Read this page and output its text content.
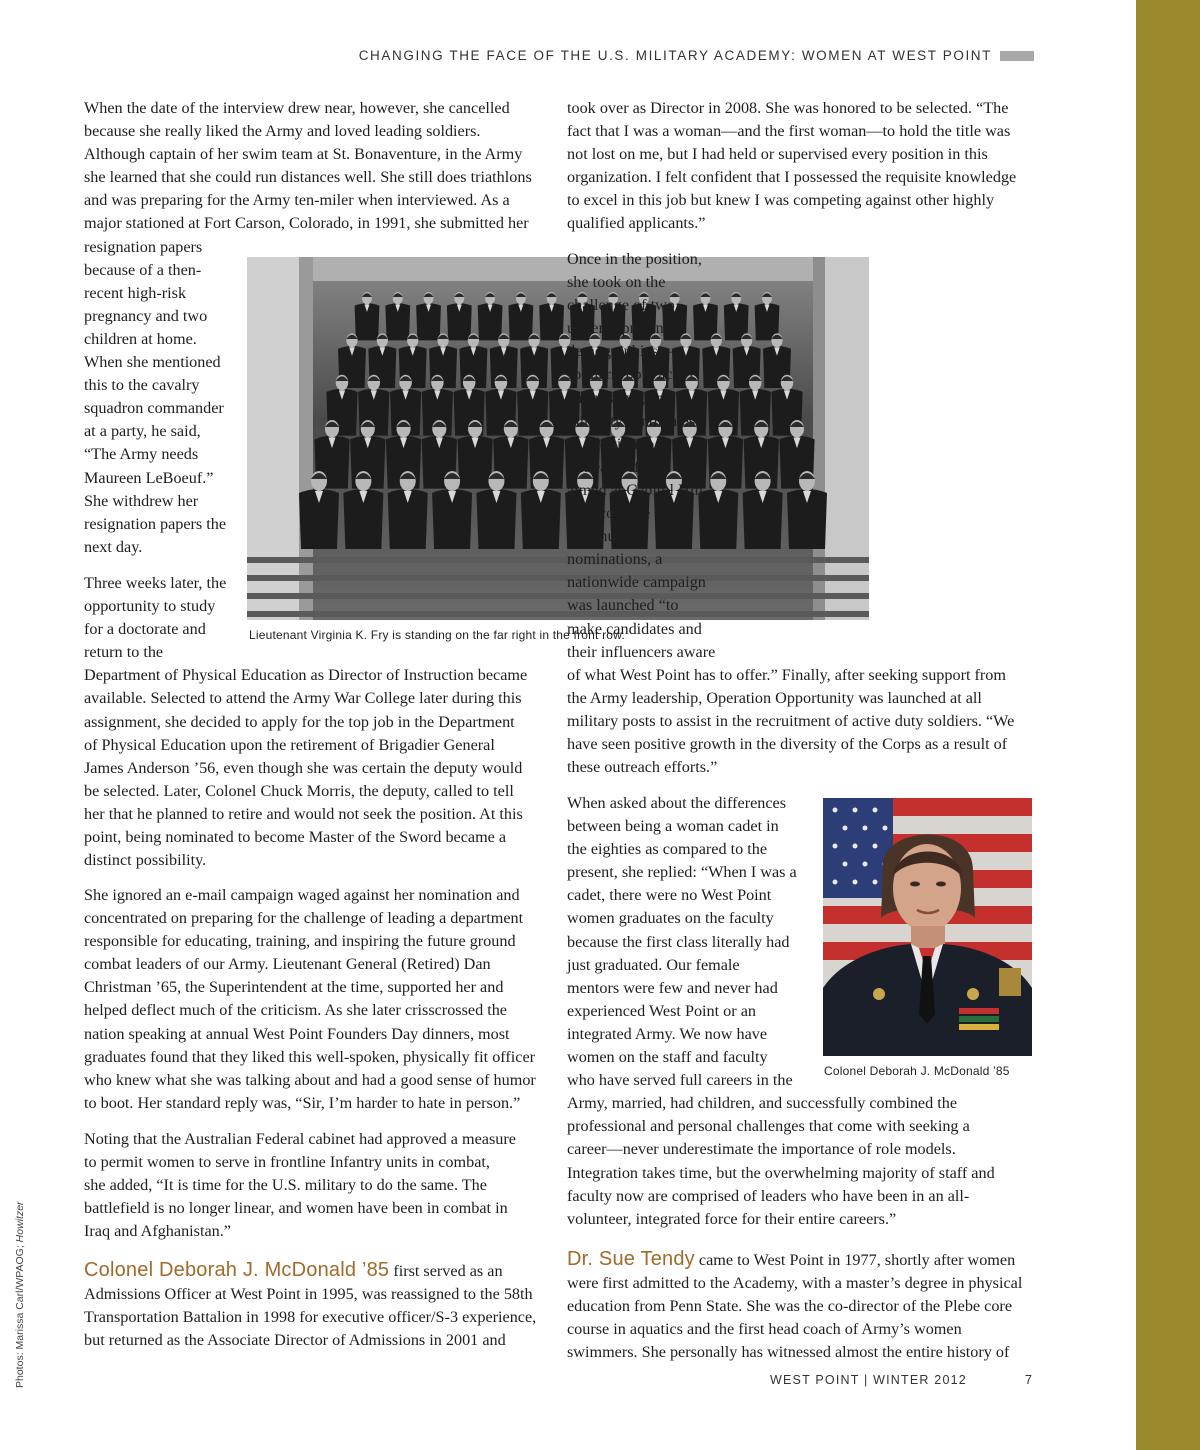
CHANGING THE FACE OF THE U.S. MILITARY ACADEMY: WOMEN AT WEST POINT
When the date of the interview drew near, however, she cancelled
because she really liked the Army and loved leading soldiers.
Although captain of her swim team at St. Bonaventure, in the Army
she learned that she could run distances well. She still does triathlons
and was preparing for the Army ten-miler when interviewed. As a
major stationed at Fort Carson, Colorado, in 1991, she submitted her
resignation papers
because of a then-
recent high-risk
pregnancy and two
children at home.
When she mentioned
this to the cavalry
squadron commander
at a party, he said,
“The Army needs
Maureen LeBoeuf.”
She withdrew her
resignation papers the
next day.
Three weeks later, the
opportunity to study
for a doctorate and
return to the
Department of Physical Education as Director of Instruction became
available. Selected to attend the Army War College later during this
assignment, she decided to apply for the top job in the Department
of Physical Education upon the retirement of Brigadier General
James Anderson ’56, even though she was certain the deputy would
be selected. Later, Colonel Chuck Morris, the deputy, called to tell
her that he planned to retire and would not seek the position. At this
point, being nominated to become Master of the Sword became a
distinct possibility.
She ignored an e-mail campaign waged against her nomination and
concentrated on preparing for the challenge of leading a department
responsible for educating, training, and inspiring the future ground
combat leaders of our Army. Lieutenant General (Retired) Dan
Christman ’65, the Superintendent at the time, supported her and
helped deflect much of the criticism. As she later crisscrossed the
nation speaking at annual West Point Founders Day dinners, most
graduates found that they liked this well-spoken, physically fit officer
who knew what she was talking about and had a good sense of humor
to boot. Her standard reply was, “Sir, I’m harder to hate in person.”
Noting that the Australian Federal cabinet had approved a measure
to permit women to serve in frontline Infantry units in combat,
she added, “It is time for the U.S. military to do the same. The
battlefield is no longer linear, and women have been in combat in
Iraq and Afghanistan.”
Colonel Deborah J. McDonald ’85 first served as an
Admissions Officer at West Point in 1995, was reassigned to the 58th
Transportation Battalion in 1998 for executive officer/S-3 experience,
but returned as the Associate Director of Admissions in 2001 and
Lieutenant Virginia K. Fry is standing on the far right in the front row.
took over as Director in 2008. She was honored to be selected. “The
fact that I was a woman—and the first woman—to hold the title was
not lost on me, but I had held or supervised every position in this
organization. I felt confident that I possessed the requisite knowledge
to excel in this job but knew I was competing against other highly
qualified applicants.”
Once in the position,
she took on the
challenge of two
under-represented
demographics—
soldiers, both active
and reserve, and
minority candidates.
In addition to
outreach efforts
aimed at Capitol Hill
to encourage
continuing
nominations, a
nationwide campaign
was launched “to
make candidates and
their influencers aware
of what West Point has to offer.” Finally, after seeking support from
the Army leadership, Operation Opportunity was launched at all
military posts to assist in the recruitment of active duty soldiers. “We
have seen positive growth in the diversity of the Corps as a result of
these outreach efforts.”
When asked about the differences
between being a woman cadet in
the eighties as compared to the
present, she replied: “When I was a
cadet, there were no West Point
women graduates on the faculty
because the first class literally had
just graduated. Our female
mentors were few and never had
experienced West Point or an
integrated Army. We now have
women on the staff and faculty
who have served full careers in the
Army, married, had children, and successfully combined the
professional and personal challenges that come with seeking a
career—never underestimate the importance of role models.
Integration takes time, but the overwhelming majority of staff and
faculty now are comprised of leaders who have been in an all-
volunteer, integrated force for their entire careers.”
Dr. Sue Tendy came to West Point in 1977, shortly after women
were first admitted to the Academy, with a master’s degree in physical
education from Penn State. She was the co-director of the Plebe core
course in aquatics and the first head coach of Army’s women
swimmers. She personally has witnessed almost the entire history of
Colonel Deborah J. McDonald ’85
Photos: Marissa Carl/WPAOG; Howitzer
WEST POINT | WINTER 2012	7
